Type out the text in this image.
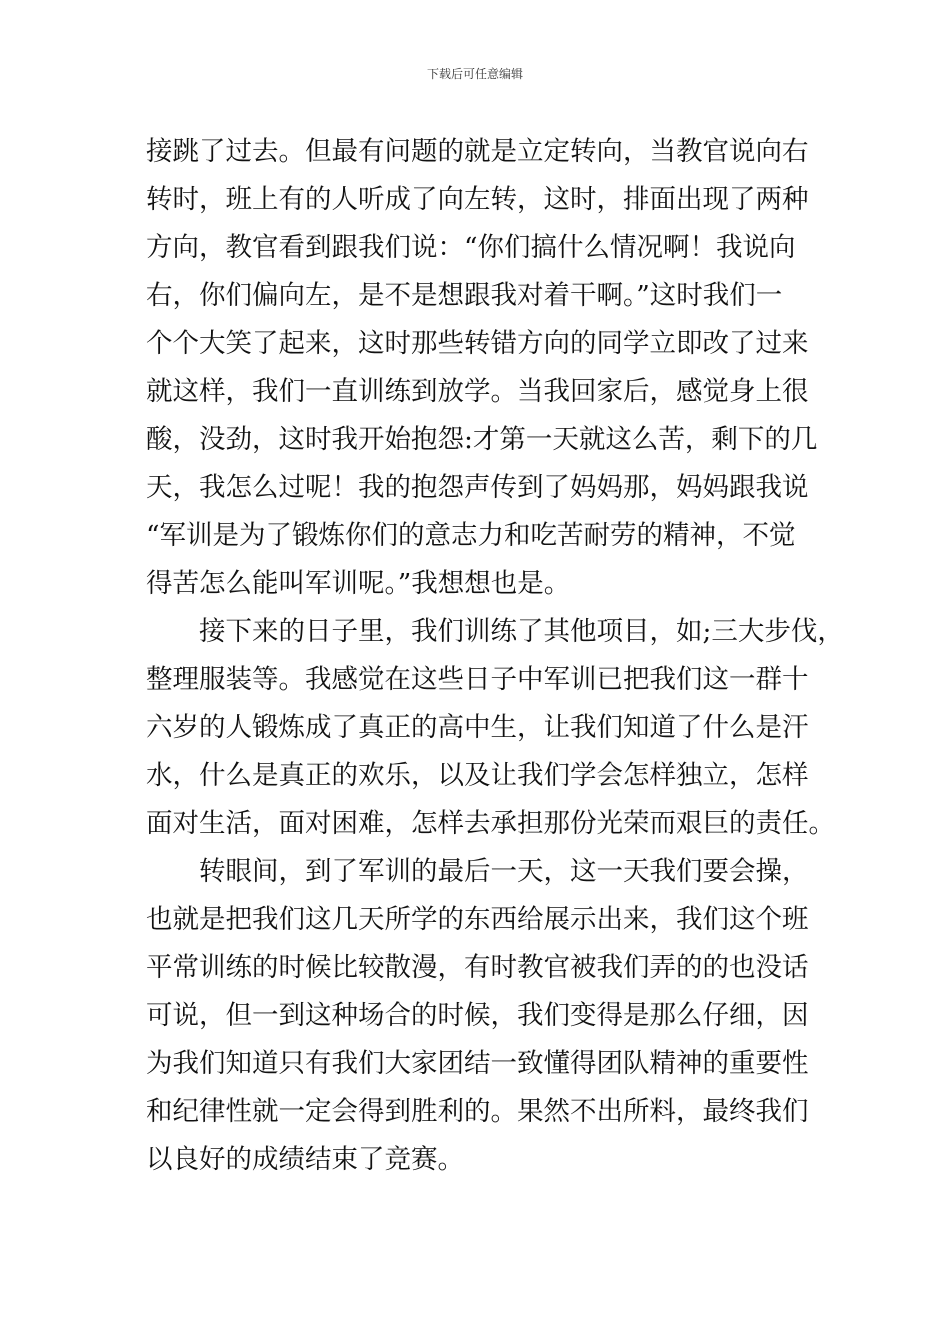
下载后可任意编辑
接跳了过去。但最有问题的就是立定转向，当教官说向右
转时，班上有的人听成了向左转，这时，排面出现了两种
方向，教官看到跟我们说：“你们搞什么情况啊！我说向
右，你们偏向左，是不是想跟我对着干啊。”这时我们一
个个大笑了起来，这时那些转错方向的同学立即改了过来
就这样，我们一直训练到放学。当我回家后，感觉身上很
酸，没劲，这时我开始抱怨:才第一天就这么苦，剩下的几
天，我怎么过呢！我的抱怨声传到了妈妈那，妈妈跟我说
“军训是为了锻炼你们的意志力和吃苦耐劳的精神，不觉
得苦怎么能叫军训呢。”我想想也是。
接下来的日子里，我们训练了其他项目，如;三大步伐，
整理服装等。我感觉在这些日子中军训已把我们这一群十
六岁的人锻炼成了真正的高中生，让我们知道了什么是汗
水，什么是真正的欢乐，以及让我们学会怎样独立，怎样
面对生活，面对困难，怎样去承担那份光荣而艰巨的责任。
转眼间，到了军训的最后一天，这一天我们要会操，
也就是把我们这几天所学的东西给展示出来，我们这个班
平常训练的时候比较散漫，有时教官被我们弄的的也没话
可说，但一到这种场合的时候，我们变得是那么仔细，因
为我们知道只有我们大家团结一致懂得团队精神的重要性
和纪律性就一定会得到胜利的。果然不出所料，最终我们
以良好的成绩结束了竞赛。
